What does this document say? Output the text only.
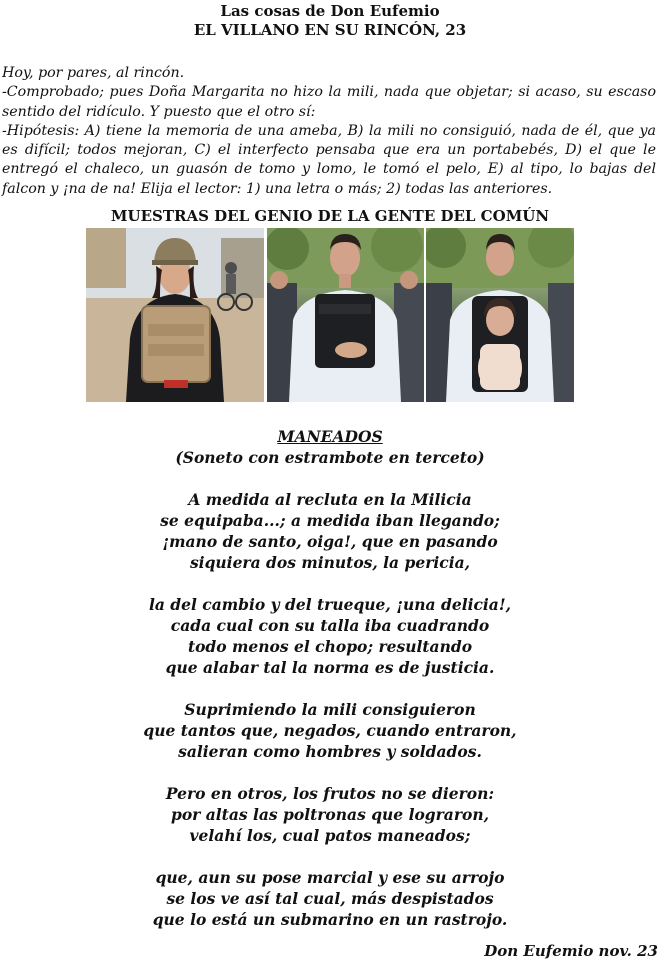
Las cosas de Don Eufemio
EL VILLANO EN SU RINCÓN, 23

Hoy, por pares, al rincón.

-Comprobado; pues Doña Margarita no hizo la mili, nada que objetar; si acaso, su escaso sentido del ridículo. Y puesto que el otro sí:

-Hipótesis: A) tiene la memoria de una ameba, B) la mili no consiguió, nada de él, que ya es difícil; todos mejoran, C) el interfecto pensaba que era un portabebés, D) el que le entregó el chaleco, un guasón de tomo y lomo, le tomó el pelo, E) al tipo, lo bajas del falcon y ¡na de na! Elija el lector: 1) una letra o más; 2) todas las anteriores.

MUESTRAS DEL GENIO DE LA GENTE DEL COMÚN
MANEADOS
(Soneto con estrambote en terceto)
A medida al recluta en la Milicia
se equipaba...; a medida iban llegando;
¡mano de santo, oiga!, que en pasando
siquiera dos minutos, la pericia,
la del cambio y del trueque, ¡una delicia!,
cada cual con su talla iba cuadrando
todo menos el chopo; resultando
que alabar tal la norma es de justicia.
Suprimiendo la mili consiguieron
que tantos que, negados, cuando entraron,
salieran como hombres y soldados.
Pero en otros, los frutos no se dieron:
por altas las poltronas que lograron,
velahí los, cual patos maneados;
que, aun su pose marcial y ese su arrojo
se los ve así tal cual, más despistados
que lo está un submarino en un rastrojo.
Don Eufemio nov. 23
